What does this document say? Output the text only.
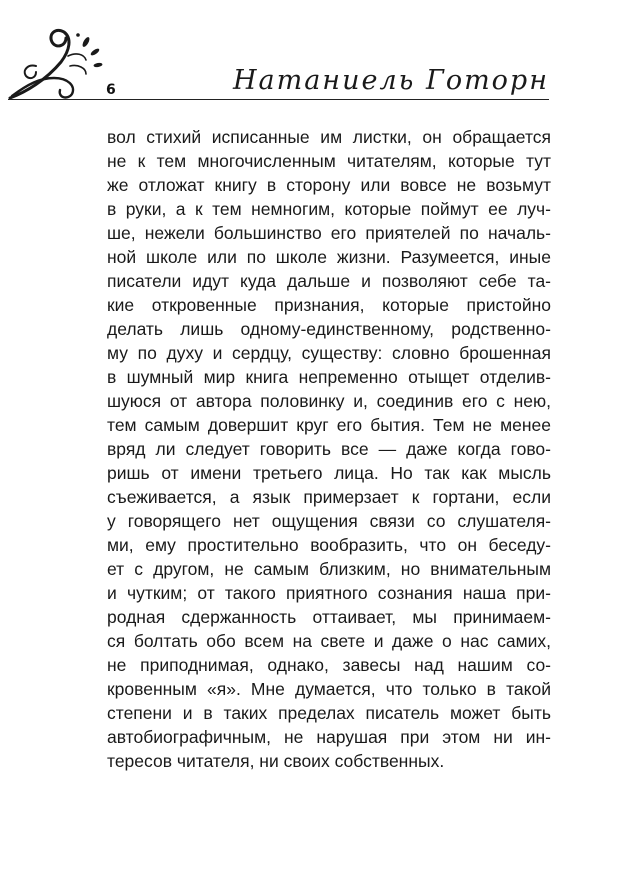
6	Натаниель Готорн
вол стихий исписанные им листки, он обращается
не к тем многочисленным читателям, которые тут
же отложат книгу в сторону или вовсе не возьмут
в руки, а к тем немногим, которые поймут ее луч-
ше, нежели большинство его приятелей по началь-
ной школе или по школе жизни. Разумеется, иные
писатели идут куда дальше и позволяют себе та-
кие откровенные признания, которые пристойно
делать лишь одному-единственному, родственно-
му по духу и сердцу, существу: словно брошенная
в шумный мир книга непременно отыщет отделив-
шуюся от автора половинку и, соединив его с нею,
тем самым довершит круг его бытия. Тем не менее
вряд ли следует говорить все — даже когда гово-
ришь от имени третьего лица. Но так как мысль
съеживается, а язык примерзает к гортани, если
у говорящего нет ощущения связи со слушателя-
ми, ему простительно вообразить, что он беседу-
ет с другом, не самым близким, но внимательным
и чутким; от такого приятного сознания наша при-
родная сдержанность оттаивает, мы принимаем-
ся болтать обо всем на свете и даже о нас самих,
не приподнимая, однако, завесы над нашим со-
кровенным «я». Мне думается, что только в такой
степени и в таких пределах писатель может быть
автобиографичным, не нарушая при этом ни ин-
тересов читателя, ни своих собственных.
